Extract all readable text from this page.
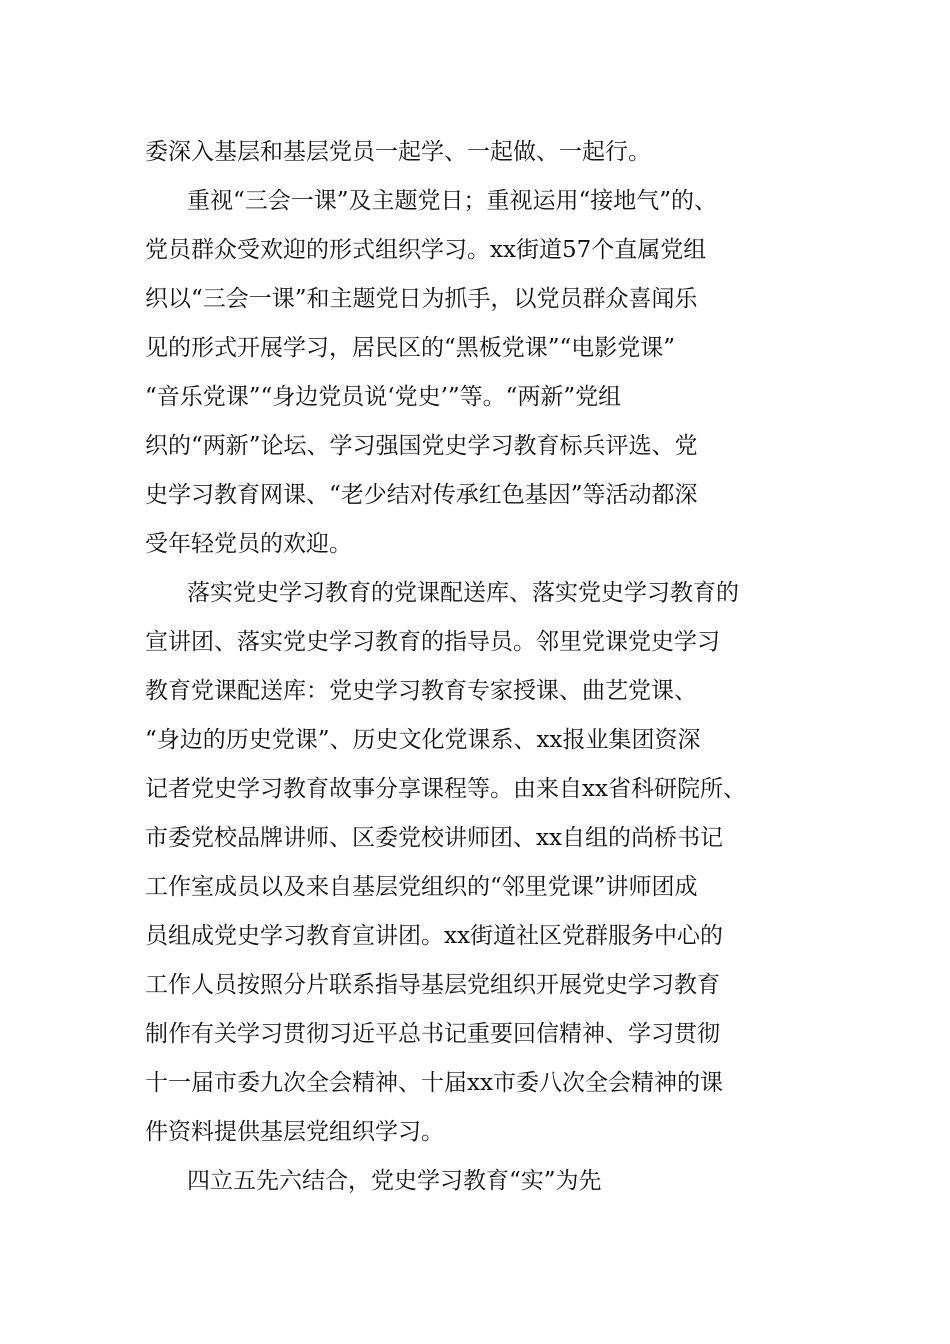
委深入基层和基层党员一起学、一起做、一起行。
重视“三会一课”及主题党日；重视运用“接地气”的、
党员群众受欢迎的形式组织学习。xx街道57个直属党组
织以“三会一课”和主题党日为抓手，以党员群众喜闻乐
见的形式开展学习，居民区的“黑板党课”“电影党课”
“音乐党课”“身边党员说‘党史’”等。“两新”党组
织的“两新”论坛、学习强国党史学习教育标兵评选、党
史学习教育网课、“老少结对传承红色基因”等活动都深
受年轻党员的欢迎。
落实党史学习教育的党课配送库、落实党史学习教育的
宣讲团、落实党史学习教育的指导员。邻里党课党史学习
教育党课配送库：党史学习教育专家授课、曲艺党课、
“身边的历史党课”、历史文化党课系、xx报业集团资深
记者党史学习教育故事分享课程等。由来自xx省科研院所、
市委党校品牌讲师、区委党校讲师团、xx自组的尚桥书记
工作室成员以及来自基层党组织的“邻里党课”讲师团成
员组成党史学习教育宣讲团。xx街道社区党群服务中心的
工作人员按照分片联系指导基层党组织开展党史学习教育
制作有关学习贯彻习近平总书记重要回信精神、学习贯彻
十一届市委九次全会精神、十届xx市委八次全会精神的课
件资料提供基层党组织学习。
四立五先六结合，党史学习教育“实”为先
